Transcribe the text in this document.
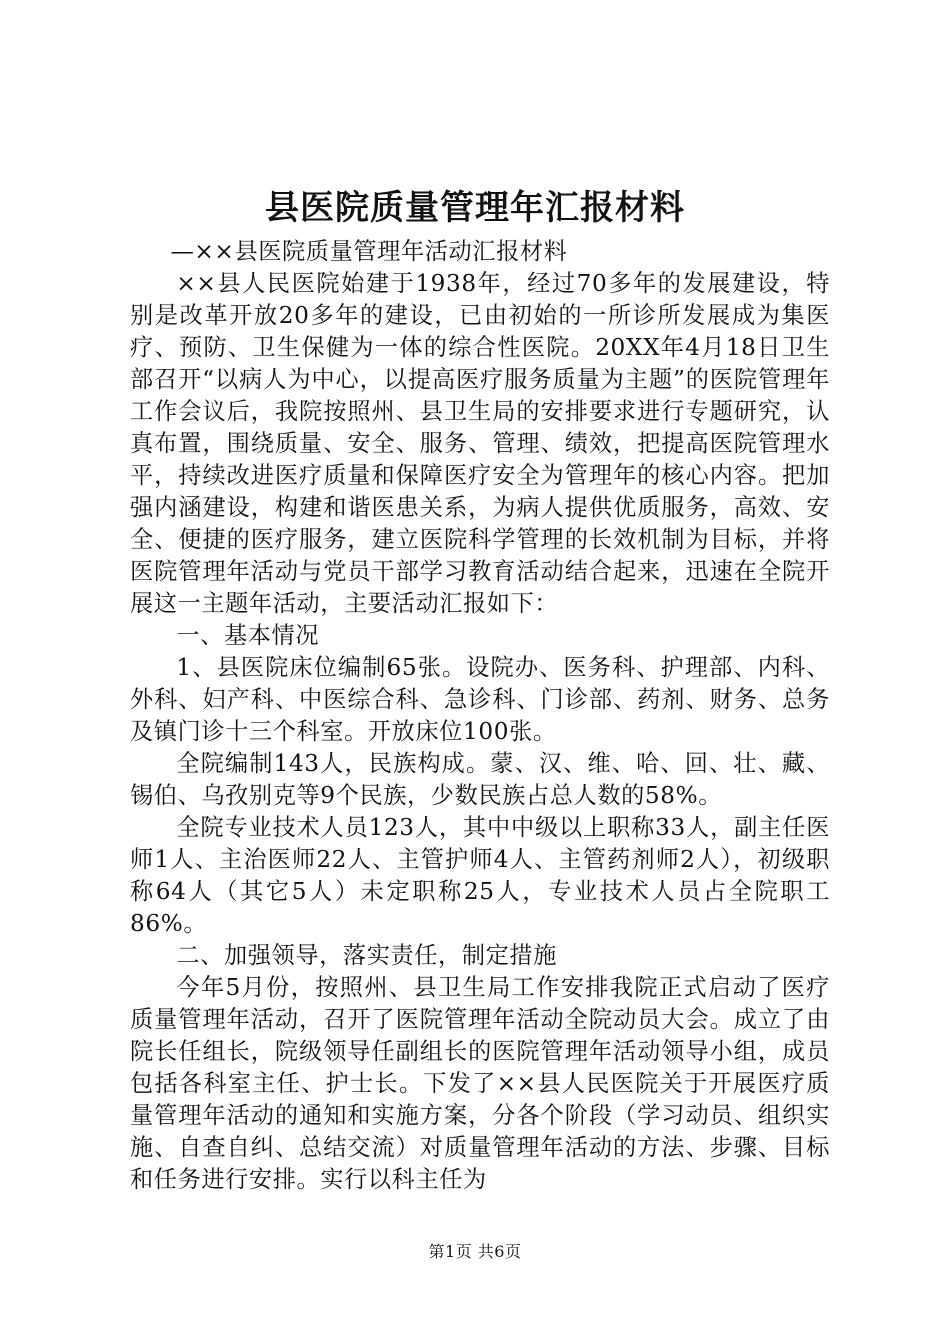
县医院质量管理年汇报材料

—××县医院质量管理年活动汇报材料

××县人民医院始建于1938年，经过70多年的发展建设，特别是改革开放20多年的建设，已由初始的一所诊所发展成为集医疗、预防、卫生保健为一体的综合性医院。20XX年4月18日卫生部召开“以病人为中心，以提高医疗服务质量为主题”的医院管理年工作会议后，我院按照州、县卫生局的安排要求进行专题研究，认真布置，围绕质量、安全、服务、管理、绩效，把提高医院管理水平，持续改进医疗质量和保障医疗安全为管理年的核心内容。把加强内涵建设，构建和谐医患关系，为病人提供优质服务，高效、安全、便捷的医疗服务，建立医院科学管理的长效机制为目标，并将医院管理年活动与党员干部学习教育活动结合起来，迅速在全院开展这一主题年活动，主要活动汇报如下：

一、基本情况

1、县医院床位编制65张。设院办、医务科、护理部、内科、外科、妇产科、中医综合科、急诊科、门诊部、药剂、财务、总务及镇门诊十三个科室。开放床位100张。

全院编制143人，民族构成。蒙、汉、维、哈、回、壮、藏、锡伯、乌孜别克等9个民族，少数民族占总人数的58%。

全院专业技术人员123人，其中中级以上职称33人，副主任医师1人、主治医师22人、主管护师4人、主管药剂师2人），初级职称64人（其它5人）未定职称25人，专业技术人员占全院职工86%。

二、加强领导，落实责任，制定措施

今年5月份，按照州、县卫生局工作安排我院正式启动了医疗质量管理年活动，召开了医院管理年活动全院动员大会。成立了由院长任组长，院级领导任副组长的医院管理年活动领导小组，成员包括各科室主任、护士长。下发了××县人民医院关于开展医疗质量管理年活动的通知和实施方案，分各个阶段（学习动员、组织实施、自查自纠、总结交流）对质量管理年活动的方法、步骤、目标和任务进行安排。实行以科主任为

第1页 共6页
